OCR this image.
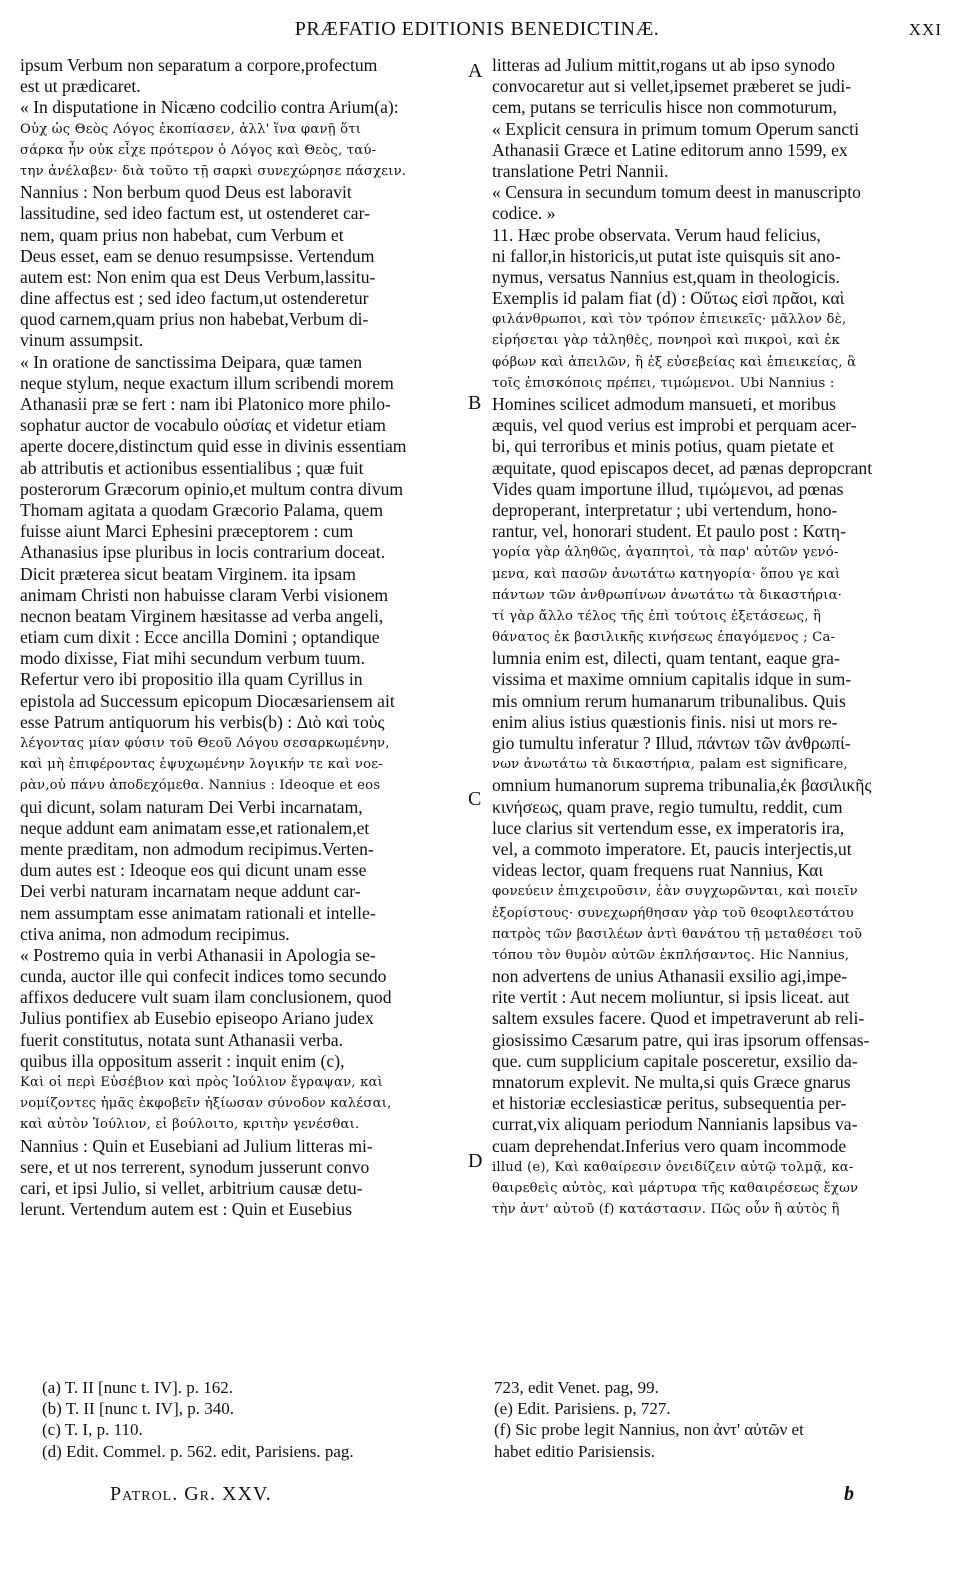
PRÆFATIO EDITIONIS BENEDICTINÆ.	XXI
ipsum Verbum non separatum a corpore,profectum
est ut prædicaret.
« In disputatione in Nicæno codcilio contra Arium(a):
Οὐχ ὡς Θεὸς Λόγος ἐκοπίασεν, ἀλλ' ἵνα φανῇ ὅτι
σάρκα ἦν οὐκ εἶχε πρότερον ὁ Λόγος καὶ Θεὸς, ταύ-
την ἀνέλαβεν· διὰ τοῦτο τῇ σαρκὶ συνεχώρησε πάσχειν.
Nannius : Non berbum quod Deus est laboravit
lassitudine, sed ideo factum est, ut ostenderet car-
nem, quam prius non habebat, cum Verbum et
Deus esset, eam se denuo resumpsisse. Vertendum
autem est: Non enim qua est Deus Verbum,lassitu-
dine affectus est ; sed ideo factum,ut ostenderetur
quod carnem,quam prius non habebat,Verbum di-
vinum assumpsit.
« In oratione de sanctissima Deipara, quæ tamen
neque stylum, neque exactum illum scribendi morem
Athanasii præ se fert : nam ibi Platonico more philo-
sophatur auctor de vocabulo οὐσίας et videtur etiam
aperte docere,distinctum quid esse in divinis essentiam
ab attributis et actionibus essentialibus ; quæ fuit
posterorum Græcorum opinio,et multum contra divum
Thomam agitata a quodam Græcorio Palama, quem
fuisse aiunt Marci Ephesini præceptorem : cum
Athanasius ipse pluribus in locis contrarium doceat.
Dicit præterea sicut beatam Virginem. ita ipsam
animam Christi non habuisse claram Verbi visionem
necnon beatam Virginem hæsitasse ad verba angeli,
etiam cum dixit : Ecce ancilla Domini ; optandique
modo dixisse, Fiat mihi secundum verbum tuum.
Refertur vero ibi propositio illa quam Cyrillus in
epistola ad Successum epicopum Diocæsariensem ait
esse Patrum antiquorum his verbis(b) : Διὸ καὶ τοὺς
λέγοντας μίαν φύσιν τοῦ Θεοῦ Λόγου σεσαρκωμένην,
καὶ μὴ ἐπιφέροντας ἐψυχωμένην λογικήν τε καὶ νοε-
ρὰν,οὐ πάνυ ἀποδεχόμεθα. Nannius : Ideoque et eos
qui dicunt, solam naturam Dei Verbi incarnatam,
neque addunt eam animatam esse,et rationalem,et
mente præditam, non admodum recipimus.Verten-
dum autes est : Ideoque eos qui dicunt unam esse
Dei verbi naturam incarnatam neque addunt car-
nem assumptam esse animatam rationali et intelle-
ctiva anima, non admodum recipimus.
« Postremo quia in verbi Athanasii in Apologia se-
cunda, auctor ille qui confecit indices tomo secundo
affixos deducere vult suam ilam conclusionem, quod
Julius pontifiex ab Eusebio episeopo Ariano judex
fuerit constitutus, notata sunt Athanasii verba.
quibus illa oppositum asserit : inquit enim (c),
Καὶ οἱ περὶ Εὐσέβιον καὶ πρὸς Ἰούλιον ἔγραψαν, καὶ
νομίζοντες ἡμᾶς ἐκφοβεῖν ἠξίωσαν σύνοδον καλέσαι,
καὶ αὐτὸν Ἰούλιον, εἰ βούλοιτο, κριτὴν γενέσθαι.
Nannius : Quin et Eusebiani ad Julium litteras mi-
sere, et ut nos terrerent, synodum jusserunt convo
cari, et ipsi Julio, si vellet, arbitrium causæ detu-
lerunt. Vertendum autem est : Quin et Eusebius
litteras ad Julium mittit,rogans ut ab ipso synodo
convocaretur aut si vellet,ipsemet præberet se judi-
cem, putans se terriculis hisce non commoturum,
« Explicit censura in primum tomum Operum sancti
Athanasii Græce et Latine editorum anno 1599, ex
translatione Petri Nannii.
« Censura in secundum tomum deest in manuscripto
codice. »
11. Hæc probe observata. Verum haud felicius,
ni fallor,in historicis,ut putat iste quisquis sit ano-
nymus, versatus Nannius est,quam in theologicis.
Exemplis id palam fiat (d) : Οὕτως εἰσὶ πρᾶοι, καὶ
φιλάνθρωποι, καὶ τὸν τρόπον ἐπιεικεῖς· μᾶλλον δὲ,
εἰρήσεται γὰρ τἀληθὲς, πονηροὶ καὶ πικροὶ, καὶ ἐκ
φόβων καὶ ἀπειλῶν, ἢ ἐξ εὐσεβείας καὶ ἐπιεικείας, ἃ
τοῖς ἐπισκόποις πρέπει, τιμώμενοι. Ubi Nannius :
Homines scilicet admodum mansueti, et moribus
æquis, vel quod verius est improbi et perquam acer-
bi, qui terroribus et minis potius, quam pietate et
æquitate, quod episcapos decet, ad pænas depropcrant
Vides quam importune illud, τιμώμενοι, ad pœnas
deproperant, interpretatur ; ubi vertendum, hono-
rantur, vel, honorari student. Et paulo post : Κατη-
γορία γὰρ ἀληθῶς, ἀγαπητοὶ, τὰ παρ' αὐτῶν γενό-
μενα, καὶ πασῶν ἀνωτάτω κατηγορία· ὅπου γε καὶ
πάντων τῶν ἀνθρωπίνων ἀνωτάτω τὰ δικαστήρια·
τί γὰρ ἄλλο τέλος τῆς ἐπὶ τούτοις ἐξετάσεως, ἢ
θάνατος ἐκ βασιλικῆς κινήσεως ἐπαγόμενος ; Ca-
lumnia enim est, dilecti, quam tentant, eaque gra-
vissima et maxime omnium capitalis idque in sum-
mis omnium rerum humanarum tribunalibus. Quis
enim alius istius quæstionis finis. nisi ut mors re-
gio tumultu inferatur ? Illud, πάντων τῶν ἀνθρωπί-
νων ἀνωτάτω τὰ δικαστήρια, palam est significare,
omnium humanorum suprema tribunalia,ἐκ βασιλικῆς
κινήσεως, quam prave, regio tumultu, reddit, cum
luce clarius sit vertendum esse, ex imperatoris ira,
vel, a commoto imperatore. Et, paucis interjectis,ut
videas lector, quam frequens ruat Nannius, Και
φονεύειν ἐπιχειροῦσιν, ἐὰν συγχωρῶνται, καὶ ποιεῖν
ἐξορίστους· συνεχωρήθησαν γὰρ τοῦ θεοφιλεστάτου
πατρὸς τῶν βασιλέων ἀντὶ θανάτου τῇ μεταθέσει τοῦ
τόπου τὸν θυμὸν αὐτῶν ἐκπλήσαντος. Hic Nannius,
non advertens de unius Athanasii exsilio agi,impe-
rite vertit : Aut necem moliuntur, si ipsis liceat. aut
saltem exsules facere. Quod et impetraverunt ab reli-
giosissimo Cæsarum patre, qui iras ipsorum offensas-
que. cum supplicium capitale posceretur, exsilio da-
mnatorum explevit. Ne multa,si quis Græce gnarus
et historiæ ecclesiasticæ peritus, subsequentia per-
currat,vix aliquam periodum Nannianis lapsibus va-
cuam deprehendat.Inferius vero quam incommode
illud (e), Καὶ καθαίρεσιν ὀνειδίζειν αὐτῷ τολμᾷ, κα-
θαιρεθεὶς αὐτὸς, καὶ μάρτυρα τῆς καθαιρέσεως ἔχων
τὴν ἀντ' αὐτοῦ (f) κατάστασιν. Πῶς οὖν ἢ αὐτὸς ἢ
A
B
C
D
(a) T. II [nunc t. IV]. p. 162.
(b) T. II [nunc t. IV], p. 340.
(c) T. I, p. 110.
(d) Edit. Commel. p. 562. edit, Parisiens. pag.
723, edit Venet. pag, 99.
(e) Edit. Parisiens. p, 727.
(f) Sic probe legit Nannius, non ἀντ' αὐτῶν et
habet editio Parisiensis.
Patrol. Gr. XXV.	b
